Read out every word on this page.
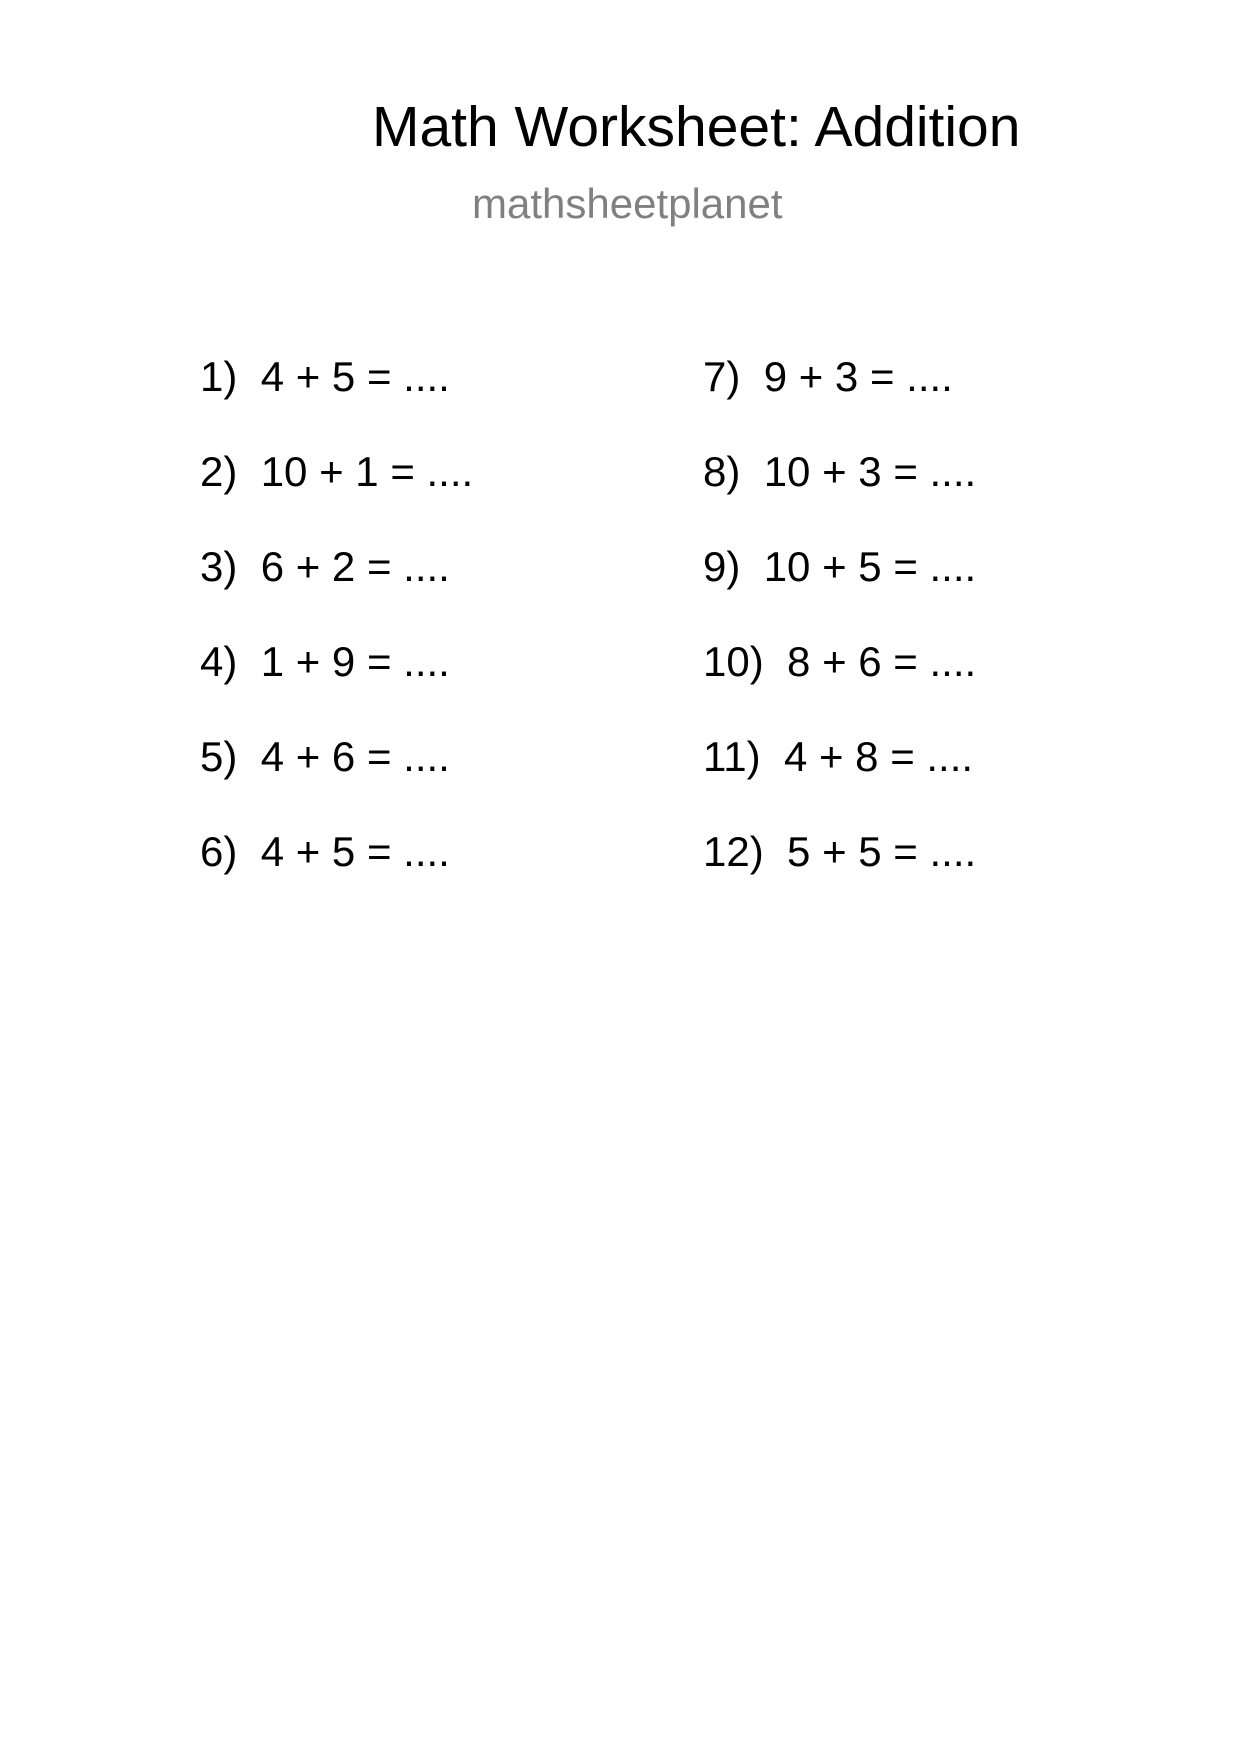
Math Worksheet: Addition
mathsheetplanet
1) 4 + 5 = ....
2) 10 + 1 = ....
3) 6 + 2 = ....
4) 1 + 9 = ....
5) 4 + 6 = ....
6) 4 + 5 = ....
7) 9 + 3 = ....
8) 10 + 3 = ....
9) 10 + 5 = ....
10) 8 + 6 = ....
11) 4 + 8 = ....
12) 5 + 5 = ....
